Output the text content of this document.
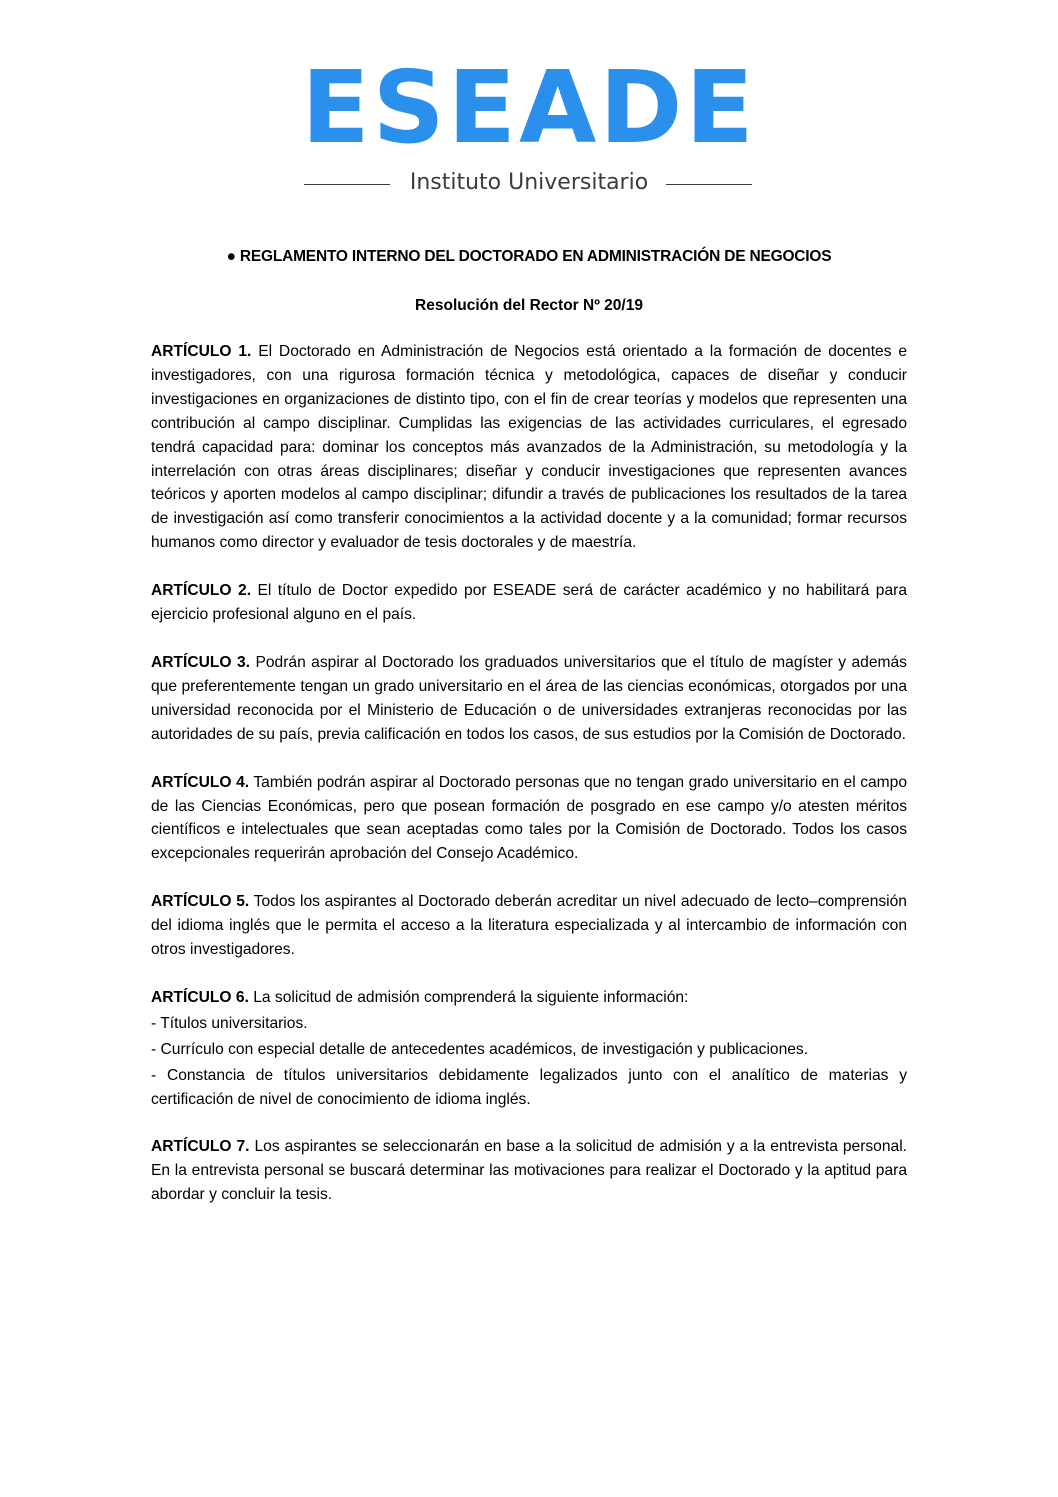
ESEADE
Instituto Universitario
● REGLAMENTO INTERNO DEL DOCTORADO EN ADMINISTRACIÓN DE NEGOCIOS
Resolución del Rector Nº 20/19

ARTÍCULO 1. El Doctorado en Administración de Negocios está orientado a la formación de docentes e investigadores, con una rigurosa formación técnica y metodológica, capaces de diseñar y conducir investigaciones en organizaciones de distinto tipo, con el fin de crear teorías y modelos que representen una contribución al campo disciplinar. Cumplidas las exigencias de las actividades curriculares, el egresado tendrá capacidad para: dominar los conceptos más avanzados de la Administración, su metodología y la interrelación con otras áreas disciplinares; diseñar y conducir investigaciones que representen avances teóricos y aporten modelos al campo disciplinar; difundir a través de publicaciones los resultados de la tarea de investigación así como transferir conocimientos a la actividad docente y a la comunidad; formar recursos humanos como director y evaluador de tesis doctorales y de maestría.

ARTÍCULO 2. El título de Doctor expedido por ESEADE será de carácter académico y no habilitará para ejercicio profesional alguno en el país.

ARTÍCULO 3. Podrán aspirar al Doctorado los graduados universitarios que el título de magíster y además que preferentemente tengan un grado universitario en el área de las ciencias económicas, otorgados por una universidad reconocida por el Ministerio de Educación o de universidades extranjeras reconocidas por las autoridades de su país, previa calificación en todos los casos, de sus estudios por la Comisión de Doctorado.

ARTÍCULO 4. También podrán aspirar al Doctorado personas que no tengan grado universitario en el campo de las Ciencias Económicas, pero que posean formación de posgrado en ese campo y/o atesten méritos científicos e intelectuales que sean aceptadas como tales por la Comisión de Doctorado. Todos los casos excepcionales requerirán aprobación del Consejo Académico.

ARTÍCULO 5. Todos los aspirantes al Doctorado deberán acreditar un nivel adecuado de lecto–comprensión del idioma inglés que le permita el acceso a la literatura especializada y al intercambio de información con otros investigadores.

ARTÍCULO 6. La solicitud de admisión comprenderá la siguiente información:
- Títulos universitarios.
- Currículo con especial detalle de antecedentes académicos, de investigación y publicaciones.
- Constancia de títulos universitarios debidamente legalizados junto con el analítico de materias y certificación de nivel de conocimiento de idioma inglés.

ARTÍCULO 7. Los aspirantes se seleccionarán en base a la solicitud de admisión y a la entrevista personal. En la entrevista personal se buscará determinar las motivaciones para realizar el Doctorado y la aptitud para abordar y concluir la tesis.
